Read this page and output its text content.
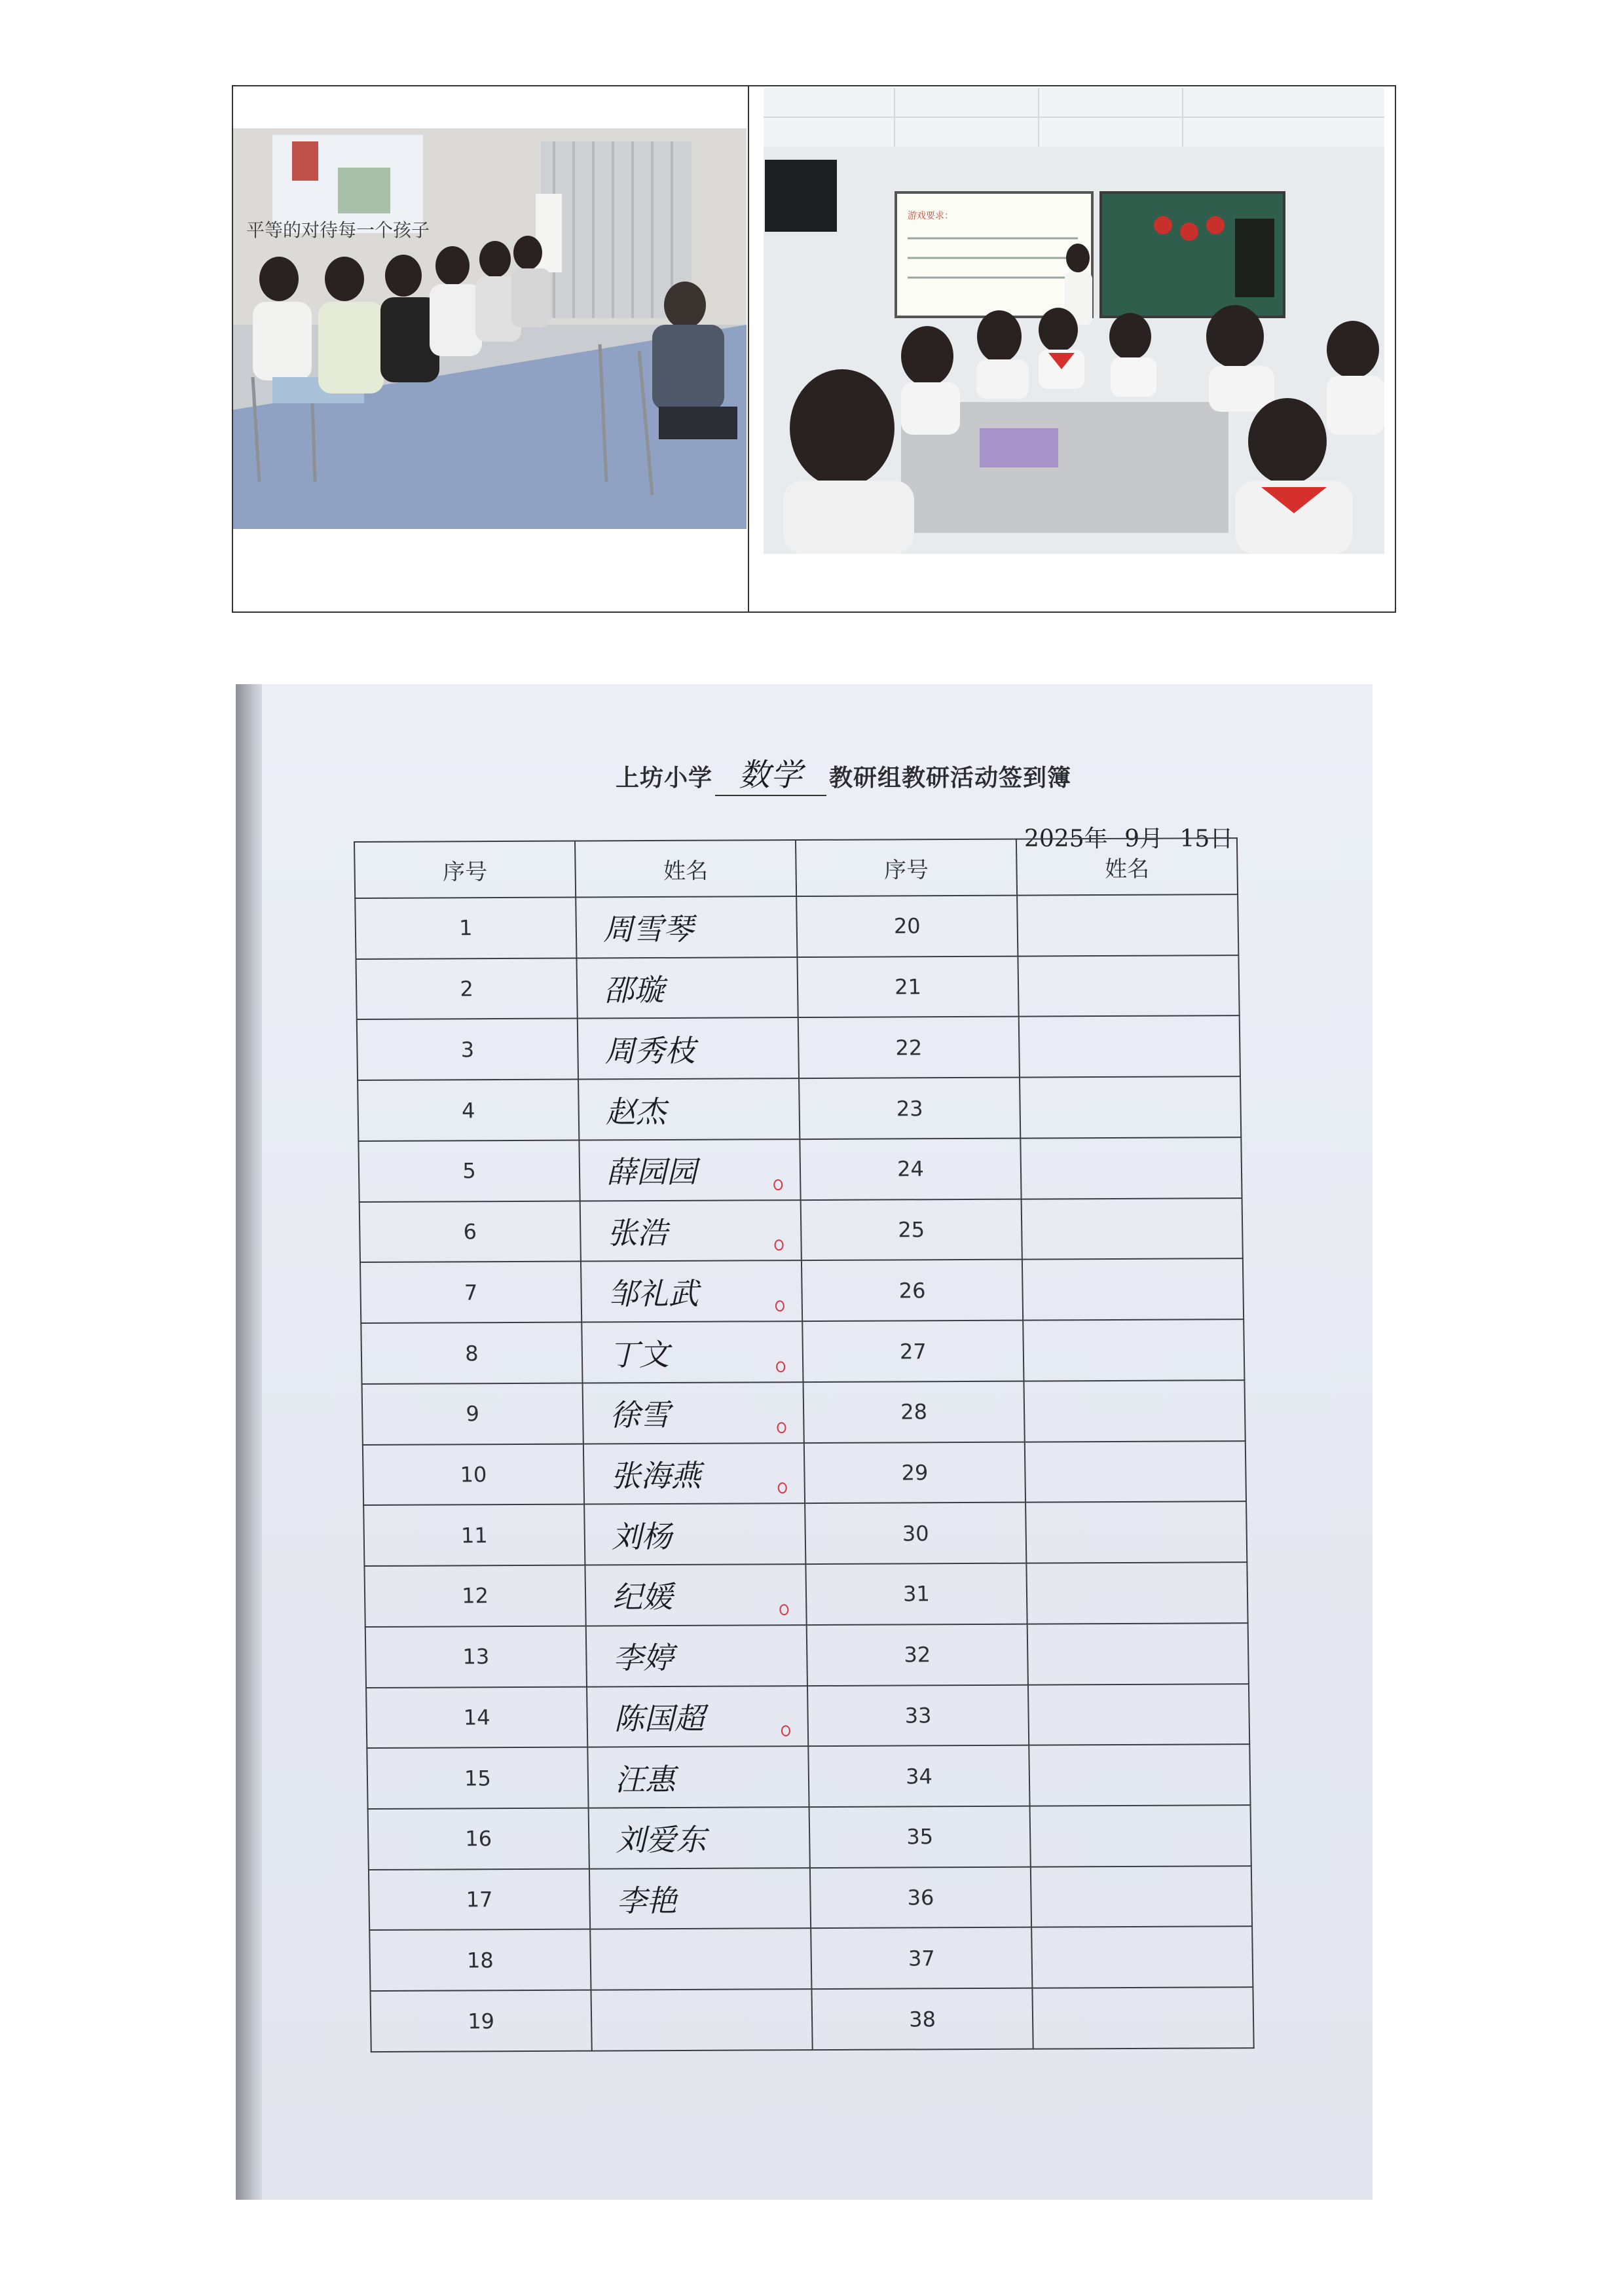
平等的对待每一个孩子
游戏要求：
上坊小学 数学 教研组教研活动签到簿
2025年 9月 15日
序号	姓名	序号	姓名
1	周雪琴	20	
2	邵璇	21	
3	周秀枝	22	
4	赵杰	23	
5	薛园园	24	
6	张浩	25	
7	邹礼武	26	
8	丁文	27	
9	徐雪	28	
10	张海燕	29	
11	刘杨	30	
12	纪媛	31	
13	李婷	32	
14	陈国超	33	
15	汪惠	34	
16	刘爱东	35	
17	李艳	36	
18		37	
19		38	
